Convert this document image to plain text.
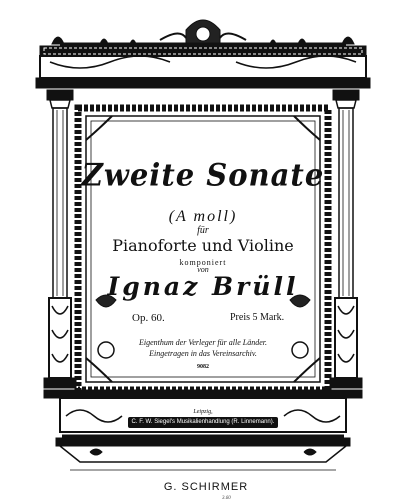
Zweite Sonate
(A moll)
für
Pianoforte und Violine
komponiert
von
Ignaz Brüll
Op. 60.	Preis 5 Mark.
Eigenthum der Verleger für alle Länder.
Eingetragen in das Vereinsarchiv.
9082
Leipzig,
C. F. W. Siegel's Musikalienhandlung (R. Linnemann).
G. SCHIRMER
3.60
